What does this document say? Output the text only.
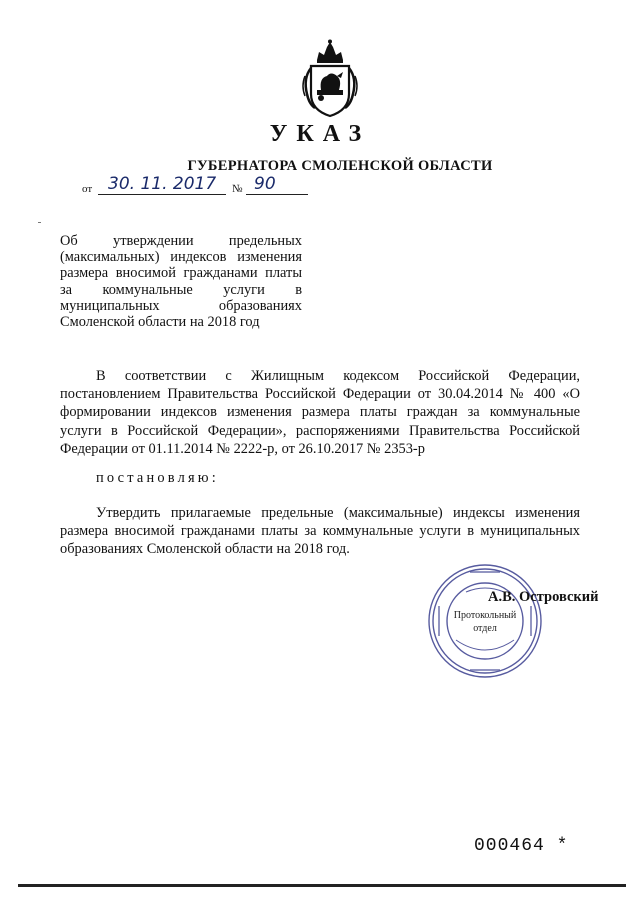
УКАЗ
ГУБЕРНАТОРА СМОЛЕНСКОЙ ОБЛАСТИ
от 30. 11. 2017 № 90
Об утверждении предельных
(максимальных) индексов изменения
размера вносимой гражданами платы
за коммунальные услуги в
муниципальных образованиях
Смоленской области на 2018 год
В соответствии с Жилищным кодексом Российской Федерации, постановлением Правительства Российской Федерации от 30.04.2014 № 400 «О формировании индексов изменения размера платы граждан за коммунальные услуги в Российской Федерации», распоряжениями Правительства Российской Федерации от 01.11.2014 № 2222-р, от 26.10.2017 № 2353-р
постановляю:
Утвердить прилагаемые предельные (максимальные) индексы изменения размера вносимой гражданами платы за коммунальные услуги в муниципальных образованиях Смоленской области на 2018 год.
Протокольный
отдел
А.В. Островский
000464 *
